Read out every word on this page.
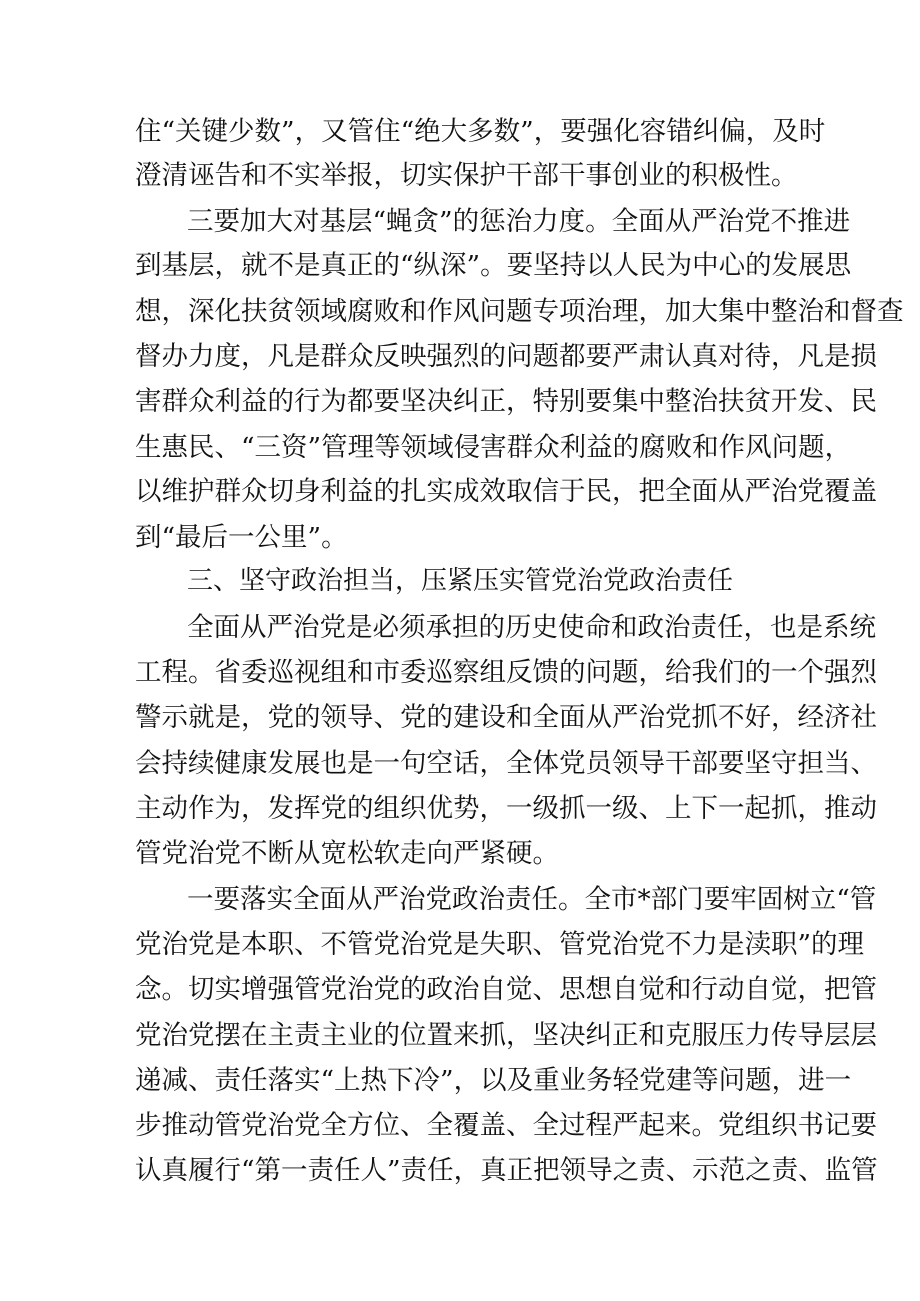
住“关键少数”，又管住“绝大多数”，要强化容错纠偏，及时
澄清诬告和不实举报，切实保护干部干事创业的积极性。
三要加大对基层“蝇贪”的惩治力度。全面从严治党不推进
到基层，就不是真正的“纵深”。要坚持以人民为中心的发展思
想，深化扶贫领域腐败和作风问题专项治理，加大集中整治和督查
督办力度，凡是群众反映强烈的问题都要严肃认真对待，凡是损
害群众利益的行为都要坚决纠正，特别要集中整治扶贫开发、民
生惠民、“三资”管理等领域侵害群众利益的腐败和作风问题，
以维护群众切身利益的扎实成效取信于民，把全面从严治党覆盖
到“最后一公里”。
三、坚守政治担当，压紧压实管党治党政治责任
全面从严治党是必须承担的历史使命和政治责任，也是系统
工程。省委巡视组和市委巡察组反馈的问题，给我们的一个强烈
警示就是，党的领导、党的建设和全面从严治党抓不好，经济社
会持续健康发展也是一句空话，全体党员领导干部要坚守担当、
主动作为，发挥党的组织优势，一级抓一级、上下一起抓，推动
管党治党不断从宽松软走向严紧硬。
一要落实全面从严治党政治责任。全市*部门要牢固树立“管
党治党是本职、不管党治党是失职、管党治党不力是渎职”的理
念。切实增强管党治党的政治自觉、思想自觉和行动自觉，把管
党治党摆在主责主业的位置来抓，坚决纠正和克服压力传导层层
递减、责任落实“上热下冷”，以及重业务轻党建等问题，进一
步推动管党治党全方位、全覆盖、全过程严起来。党组织书记要
认真履行“第一责任人”责任，真正把领导之责、示范之责、监管
